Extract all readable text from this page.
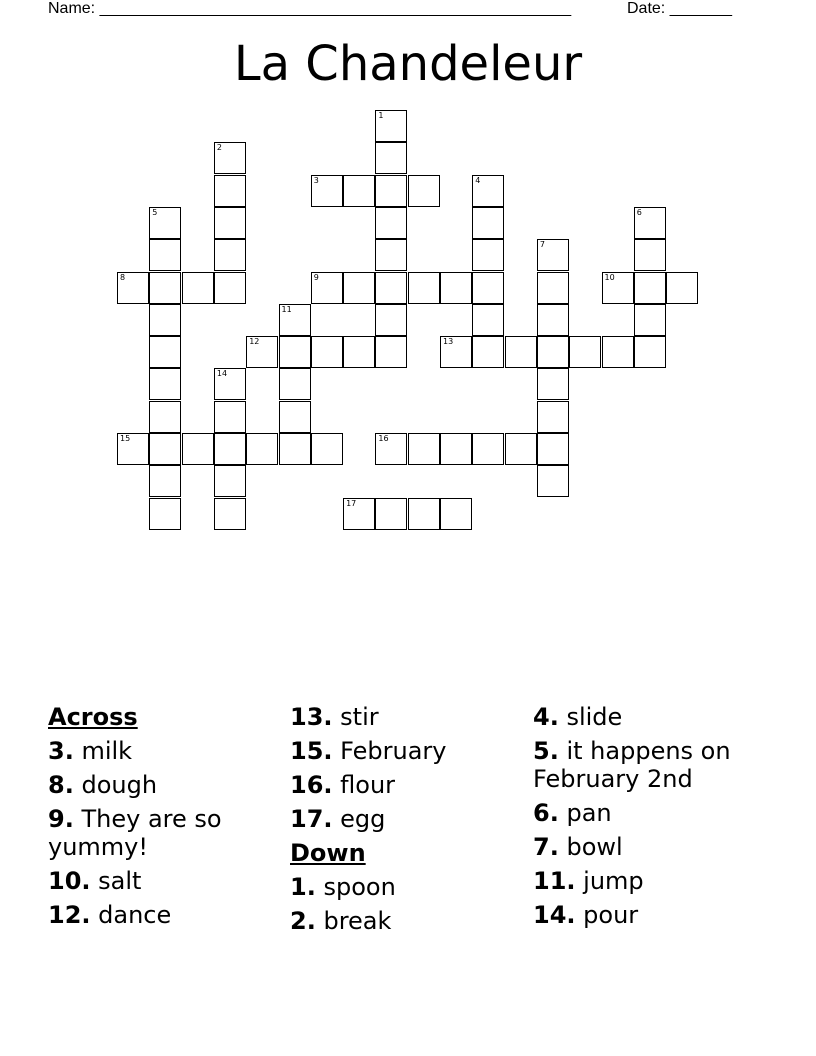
Name: _____________________________________________________	Date: _______
La Chandeleur
1
2
3	4
5	6
7
8	9	10
11
12	13
14
15	16
17
Across
3. milk
8. dough
9. They are so yummy!
10. salt
12. dance
13. stir
15. February
16. flour
17. egg
Down
1. spoon
2. break
4. slide
5. it happens on February 2nd
6. pan
7. bowl
11. jump
14. pour
